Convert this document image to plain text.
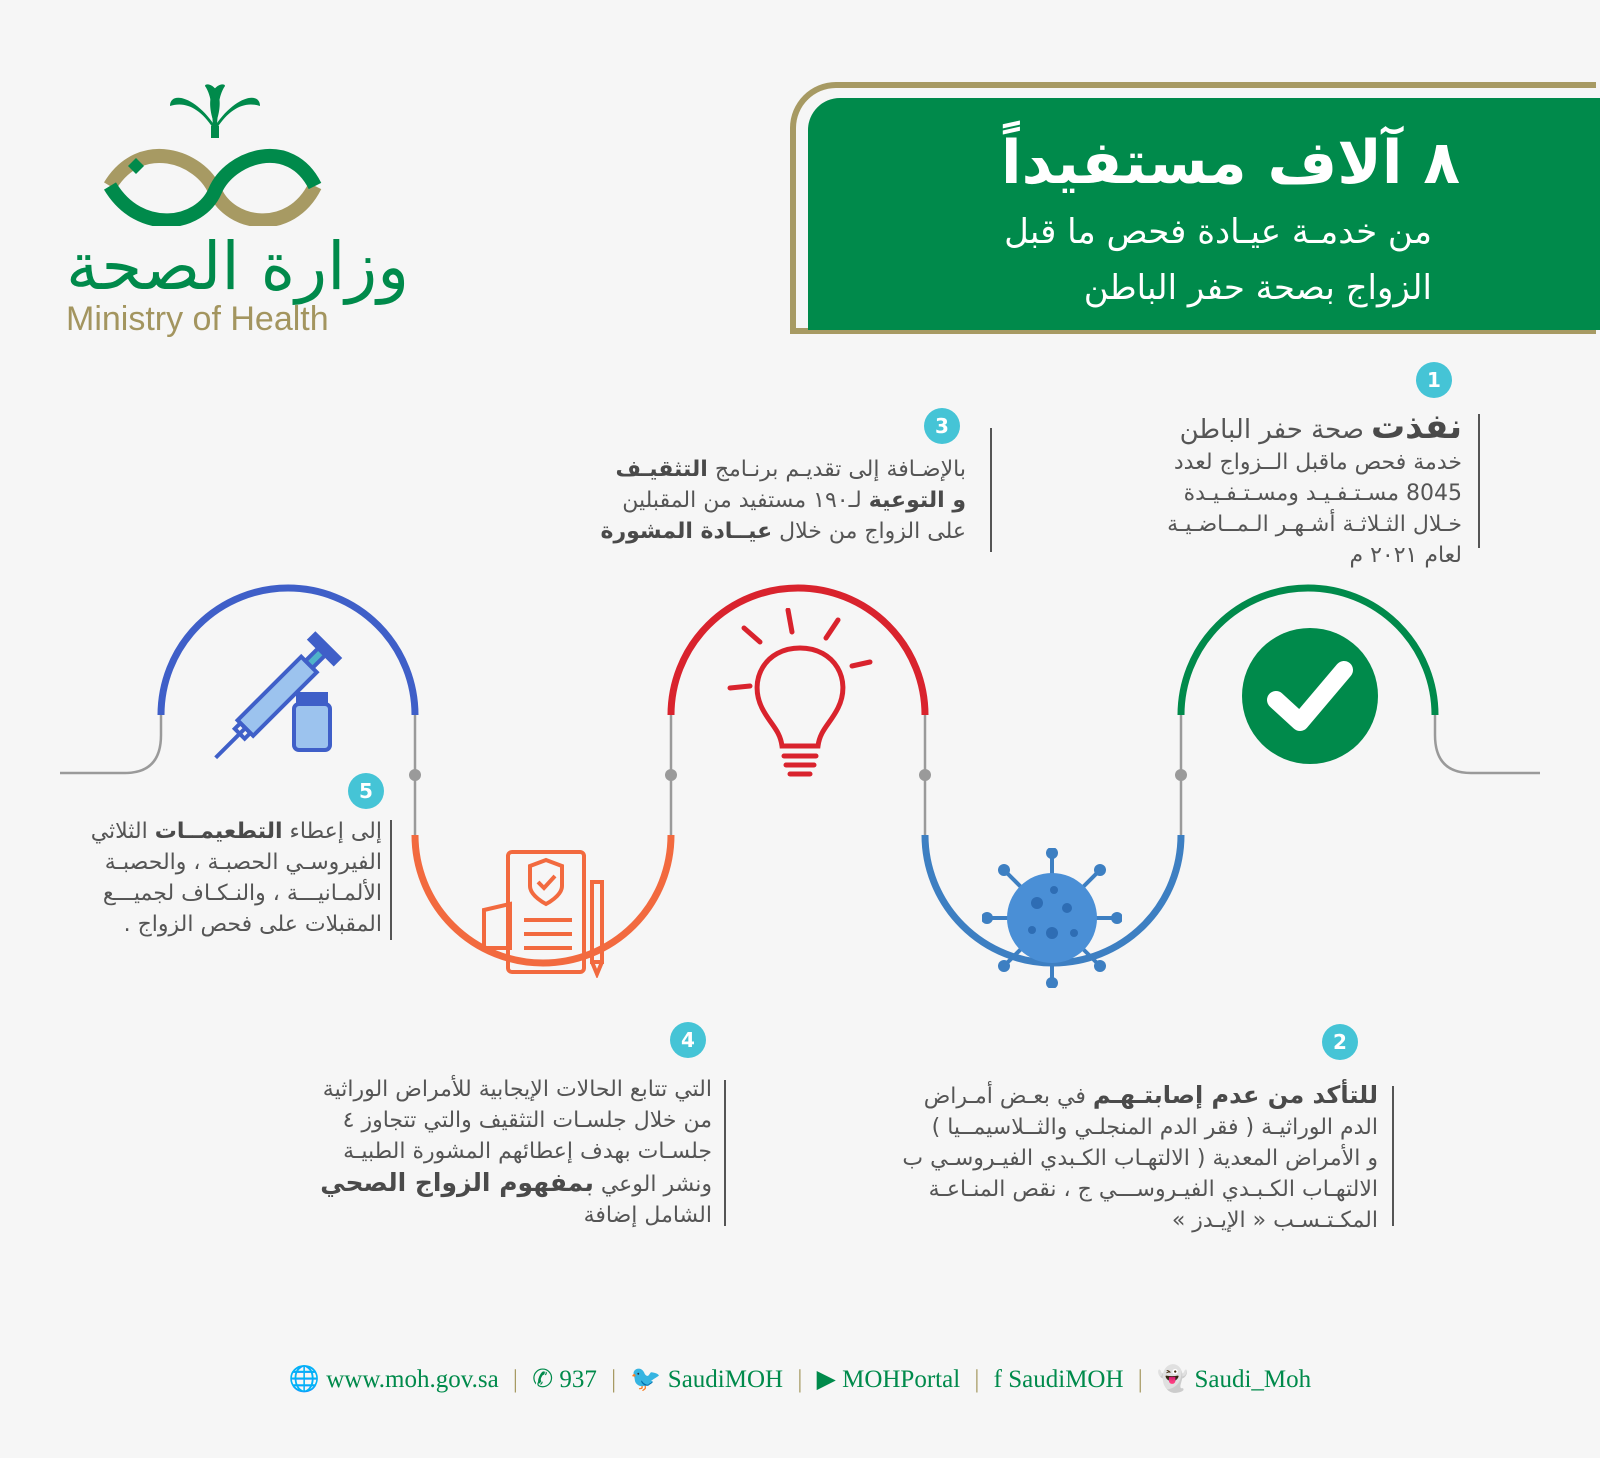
وزارة الصحة
Ministry of Health
٨ آلاف مستفيداً
من خدمـة عيـادة فحص ما قبل
الزواج بصحة حفر الباطن
1
2
3
4
5
نفذت صحة حفر الباطن
خدمة فحص ماقبل الــزواج لعدد
8045 مسـتـفـيـد ومسـتـفـيـدة
خـلال الثـلاثـة أشـهـر الـمــاضـيـة
لعام ٢٠٢١ م
بالإضـافة إلى تقديـم برنـامج التثقيـف
و التوعية لـ١٩٠ مستفيد من المقبلين
على الزواج من خلال عيــادة المشورة
إلى إعطاء التطعيمــات الثلاثي
الفيروسـي الحصبـة ، والحصبـة
الألمـانيـــة ، والنـكـاف لجميـــع
المقبلات على فحص الزواج .
التي تتابع الحالات الإيجابية للأمراض الوراثية
من خلال جلسـات التثقيف والتي تتجاوز ٤
جلسـات بهدف إعطائهم المشورة الطبيـة
ونشر الوعي بمفهوم الزواج الصحي
الشامل إضافة
للتأكد من عدم إصابتـهـم في بعـض أمـراض
الدم الوراثيـة ( فقر الدم المنجلـي والثــلاسيمــيا )
و الأمراض المعدية ( الالتهـاب الكـبدي الفيـروسـي ب
الالتهـاب الكـبـدي الفيـروســـي ج ، نقص المنـاعـة
المكـتـسـب « الإيـدز »
🌐 www.moh.gov.sa | ✆ 937 | 🐦 SaudiMOH | ▶ MOHPortal | f SaudiMOH | 👻 Saudi_Moh
